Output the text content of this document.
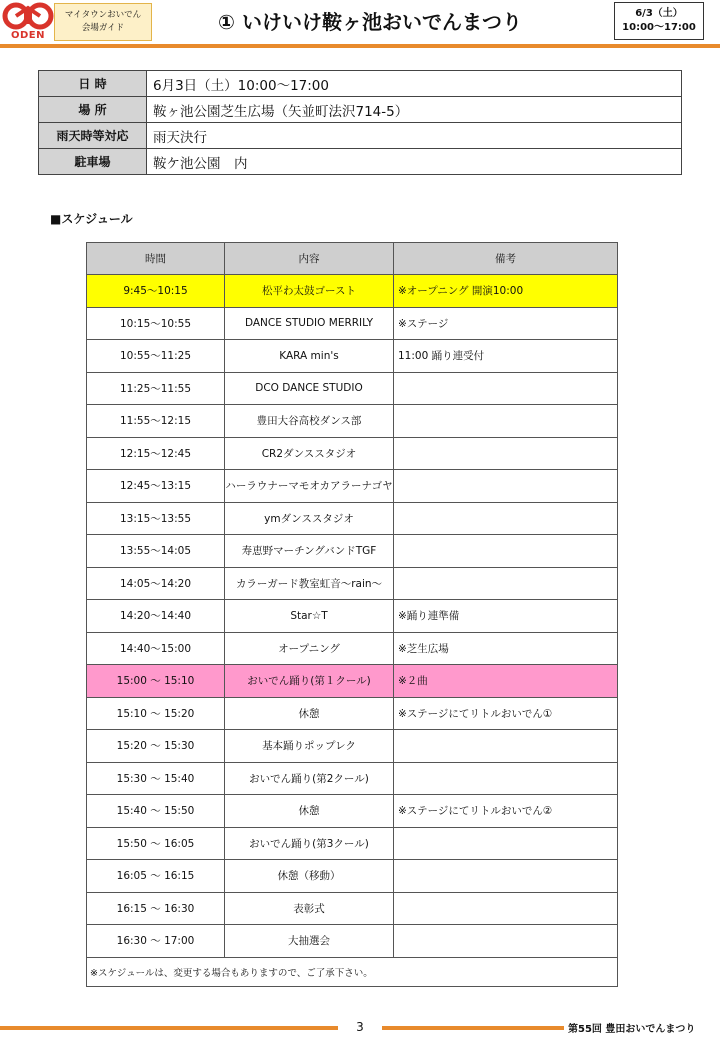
ODEN
マイタウンおいでん
会場ガイド	① いけいけ鞍ヶ池おいでんまつり	6/3（土）
10:00〜17:00
日 時	6月3日（土）10:00〜17:00
場 所	鞍ヶ池公園芝生広場（矢並町法沢714-5）
雨天時等対応	雨天決行
駐車場	鞍ケ池公園　内
■スケジュール
時間	内容	備考
9:45〜10:15	松平わ太鼓ゴースト	※オープニング 開演10:00
10:15〜10:55	DANCE STUDIO MERRILY	※ステージ
10:55〜11:25	KARA min's	11:00 踊り連受付
11:25〜11:55	DCO DANCE STUDIO	
11:55〜12:15	豊田大谷高校ダンス部	
12:15〜12:45	CR2ダンススタジオ	
12:45〜13:15	ハーラウナーマモオカアラーナゴヤ	
13:15〜13:55	ymダンススタジオ	
13:55〜14:05	寿恵野マーチングバンドTGF	
14:05〜14:20	カラーガード教室虹音〜rain〜	
14:20〜14:40	Star☆T	※踊り連準備
14:40〜15:00	オープニング	※芝生広場
15:00 〜 15:10	おいでん踊り(第１クール)	※２曲
15:10 〜 15:20	休憩	※ステージにてリトルおいでん①
15:20 〜 15:30	基本踊りポップレク	
15:30 〜 15:40	おいでん踊り(第2クール)	
15:40 〜 15:50	休憩	※ステージにてリトルおいでん②
15:50 〜 16:05	おいでん踊り(第3クール)	
16:05 〜 16:15	休憩（移動）	
16:15 〜 16:30	表彰式	
16:30 〜 17:00	大抽選会	
※スケジュールは、変更する場合もありますので、ご了承下さい。		
3	第55回 豊田おいでんまつり
